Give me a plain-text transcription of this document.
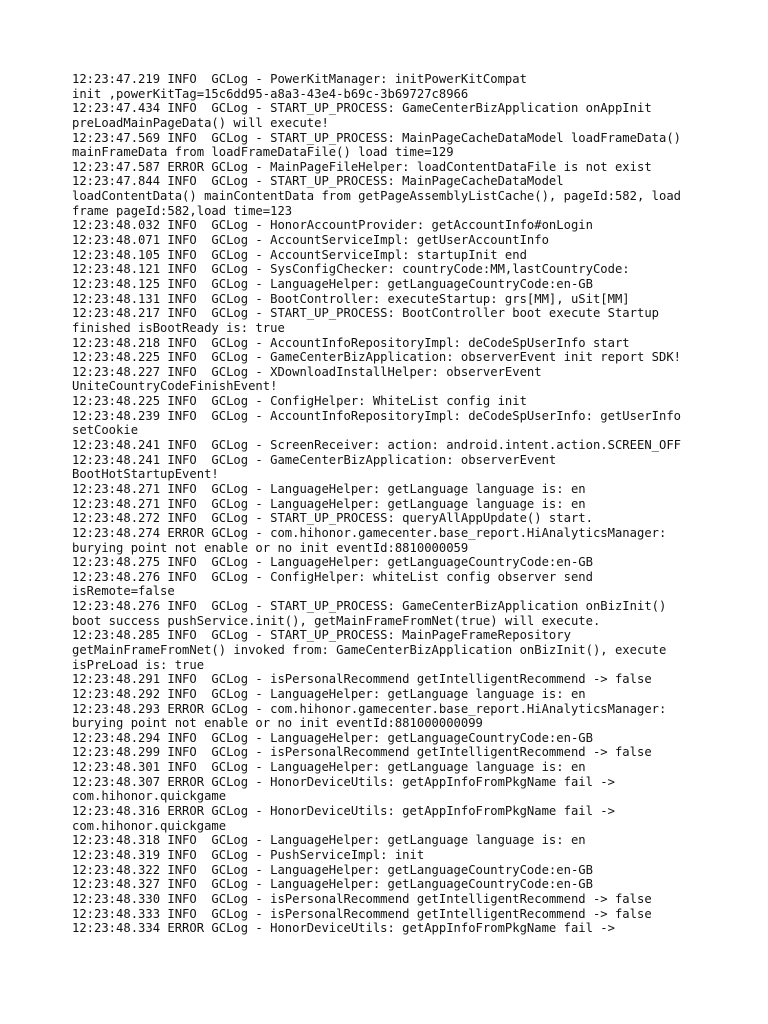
12:23:47.219 INFO  GCLog - PowerKitManager: initPowerKitCompat
init ,powerKitTag=15c6dd95-a8a3-43e4-b69c-3b69727c8966
12:23:47.434 INFO  GCLog - START_UP_PROCESS: GameCenterBizApplication onAppInit
preLoadMainPageData() will execute!
12:23:47.569 INFO  GCLog - START_UP_PROCESS: MainPageCacheDataModel loadFrameData()
mainFrameData from loadFrameDataFile() load time=129
12:23:47.587 ERROR GCLog - MainPageFileHelper: loadContentDataFile is not exist
12:23:47.844 INFO  GCLog - START_UP_PROCESS: MainPageCacheDataModel
loadContentData() mainContentData from getPageAssemblyListCache(), pageId:582, load
frame pageId:582,load time=123
12:23:48.032 INFO  GCLog - HonorAccountProvider: getAccountInfo#onLogin
12:23:48.071 INFO  GCLog - AccountServiceImpl: getUserAccountInfo
12:23:48.105 INFO  GCLog - AccountServiceImpl: startupInit end
12:23:48.121 INFO  GCLog - SysConfigChecker: countryCode:MM,lastCountryCode:
12:23:48.125 INFO  GCLog - LanguageHelper: getLanguageCountryCode:en-GB
12:23:48.131 INFO  GCLog - BootController: executeStartup: grs[MM], uSit[MM]
12:23:48.217 INFO  GCLog - START_UP_PROCESS: BootController boot execute Startup
finished isBootReady is: true
12:23:48.218 INFO  GCLog - AccountInfoRepositoryImpl: deCodeSpUserInfo start
12:23:48.225 INFO  GCLog - GameCenterBizApplication: observerEvent init report SDK!
12:23:48.227 INFO  GCLog - XDownloadInstallHelper: observerEvent
UniteCountryCodeFinishEvent!
12:23:48.225 INFO  GCLog - ConfigHelper: WhiteList config init
12:23:48.239 INFO  GCLog - AccountInfoRepositoryImpl: deCodeSpUserInfo: getUserInfo
setCookie
12:23:48.241 INFO  GCLog - ScreenReceiver: action: android.intent.action.SCREEN_OFF
12:23:48.241 INFO  GCLog - GameCenterBizApplication: observerEvent
BootHotStartupEvent!
12:23:48.271 INFO  GCLog - LanguageHelper: getLanguage language is: en
12:23:48.271 INFO  GCLog - LanguageHelper: getLanguage language is: en
12:23:48.272 INFO  GCLog - START_UP_PROCESS: queryAllAppUpdate() start.
12:23:48.274 ERROR GCLog - com.hihonor.gamecenter.base_report.HiAnalyticsManager:
burying point not enable or no init eventId:8810000059
12:23:48.275 INFO  GCLog - LanguageHelper: getLanguageCountryCode:en-GB
12:23:48.276 INFO  GCLog - ConfigHelper: whiteList config observer send
isRemote=false
12:23:48.276 INFO  GCLog - START_UP_PROCESS: GameCenterBizApplication onBizInit()
boot success pushService.init(), getMainFrameFromNet(true) will execute.
12:23:48.285 INFO  GCLog - START_UP_PROCESS: MainPageFrameRepository
getMainFrameFromNet() invoked from: GameCenterBizApplication onBizInit(), execute
isPreLoad is: true
12:23:48.291 INFO  GCLog - isPersonalRecommend getIntelligentRecommend -> false
12:23:48.292 INFO  GCLog - LanguageHelper: getLanguage language is: en
12:23:48.293 ERROR GCLog - com.hihonor.gamecenter.base_report.HiAnalyticsManager:
burying point not enable or no init eventId:881000000099
12:23:48.294 INFO  GCLog - LanguageHelper: getLanguageCountryCode:en-GB
12:23:48.299 INFO  GCLog - isPersonalRecommend getIntelligentRecommend -> false
12:23:48.301 INFO  GCLog - LanguageHelper: getLanguage language is: en
12:23:48.307 ERROR GCLog - HonorDeviceUtils: getAppInfoFromPkgName fail ->
com.hihonor.quickgame
12:23:48.316 ERROR GCLog - HonorDeviceUtils: getAppInfoFromPkgName fail ->
com.hihonor.quickgame
12:23:48.318 INFO  GCLog - LanguageHelper: getLanguage language is: en
12:23:48.319 INFO  GCLog - PushServiceImpl: init
12:23:48.322 INFO  GCLog - LanguageHelper: getLanguageCountryCode:en-GB
12:23:48.327 INFO  GCLog - LanguageHelper: getLanguageCountryCode:en-GB
12:23:48.330 INFO  GCLog - isPersonalRecommend getIntelligentRecommend -> false
12:23:48.333 INFO  GCLog - isPersonalRecommend getIntelligentRecommend -> false
12:23:48.334 ERROR GCLog - HonorDeviceUtils: getAppInfoFromPkgName fail ->
